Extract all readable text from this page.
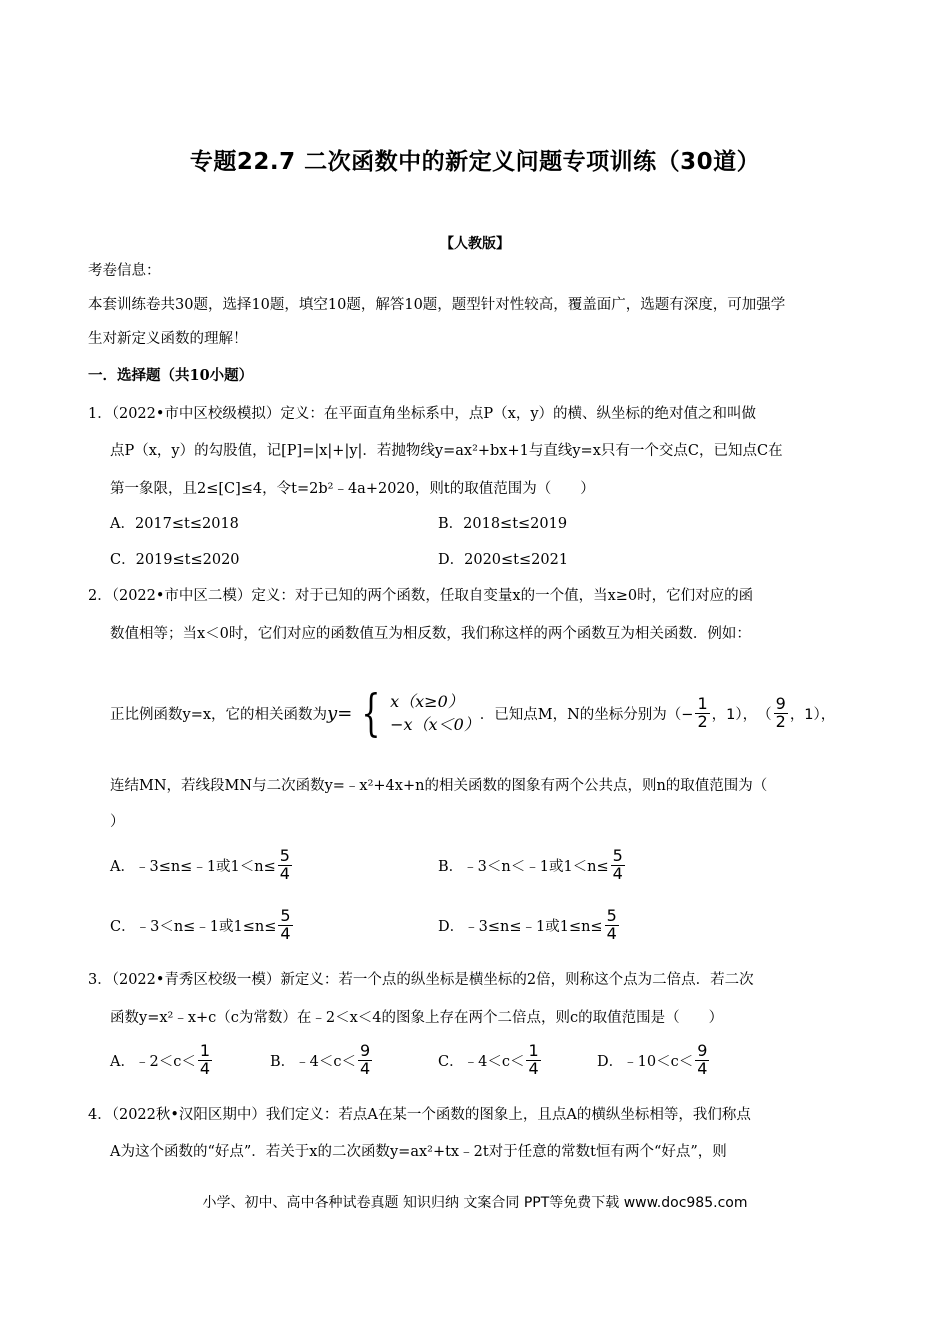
专题22.7 二次函数中的新定义问题专项训练（30道）
【人教版】
考卷信息：
本套训练卷共30题，选择10题，填空10题，解答10题，题型针对性较高，覆盖面广，选题有深度，可加强学
生对新定义函数的理解！
一．选择题（共10小题）
1．（2022•市中区校级模拟）定义：在平面直角坐标系中，点P（x，y）的横、纵坐标的绝对值之和叫做
点P（x，y）的勾股值，记[P]=|x|+|y|．若抛物线y=ax²+bx+1与直线y=x只有一个交点C，已知点C在
第一象限，且2≤[C]≤4，令t=2b²﹣4a+2020，则t的取值范围为（　　）
A．2017≤t≤2018	B．2018≤t≤2019
C．2019≤t≤2020	D．2020≤t≤2021
2．（2022•市中区二模）定义：对于已知的两个函数，任取自变量x的一个值，当x≥0时，它们对应的函
数值相等；当x＜0时，它们对应的函数值互为相反数，我们称这样的两个函数互为相关函数．例如：
正比例函数y=x，它的相关函数为 y= { x（x≥0）
−x（x＜0）
．已知点M，N的坐标分别为 （− $\frac{1}{2}$ ，1）， （ $\frac{9}{2}$ ，1），
连结MN，若线段MN与二次函数y=﹣x²+4x+n的相关函数的图象有两个公共点，则n的取值范围为（
）
A．﹣3≤n≤﹣1或$1<n\le \frac{5}{4}$	B．﹣3＜n＜﹣1或$1<n\le \frac{5}{4}$
C．﹣3＜n≤﹣1或$1\le n\le \frac{5}{4}$	D．﹣3≤n≤﹣1或$1\le n\le \frac{5}{4}$
3．（2022•青秀区校级一模）新定义：若一个点的纵坐标是横坐标的2倍，则称这个点为二倍点．若二次
函数y=x²﹣x+c（c为常数）在﹣2＜x＜4的图象上存在两个二倍点，则c的取值范围是（　　）
A．﹣2＜c＜ $\frac{1}{4}$	B．﹣4＜c＜ $\frac{9}{4}$	C．﹣4＜c＜ $\frac{1}{4}$	D．﹣10＜c＜ $\frac{9}{4}$
4．（2022秋•汉阳区期中）我们定义：若点A在某一个函数的图象上，且点A的横纵坐标相等，我们称点
A为这个函数的“好点”．若关于x的二次函数y=ax²+tx﹣2t对于任意的常数t恒有两个“好点”，则
小学、初中、高中各种试卷真题 知识归纳 文案合同 PPT等免费下载 www.doc985.com
